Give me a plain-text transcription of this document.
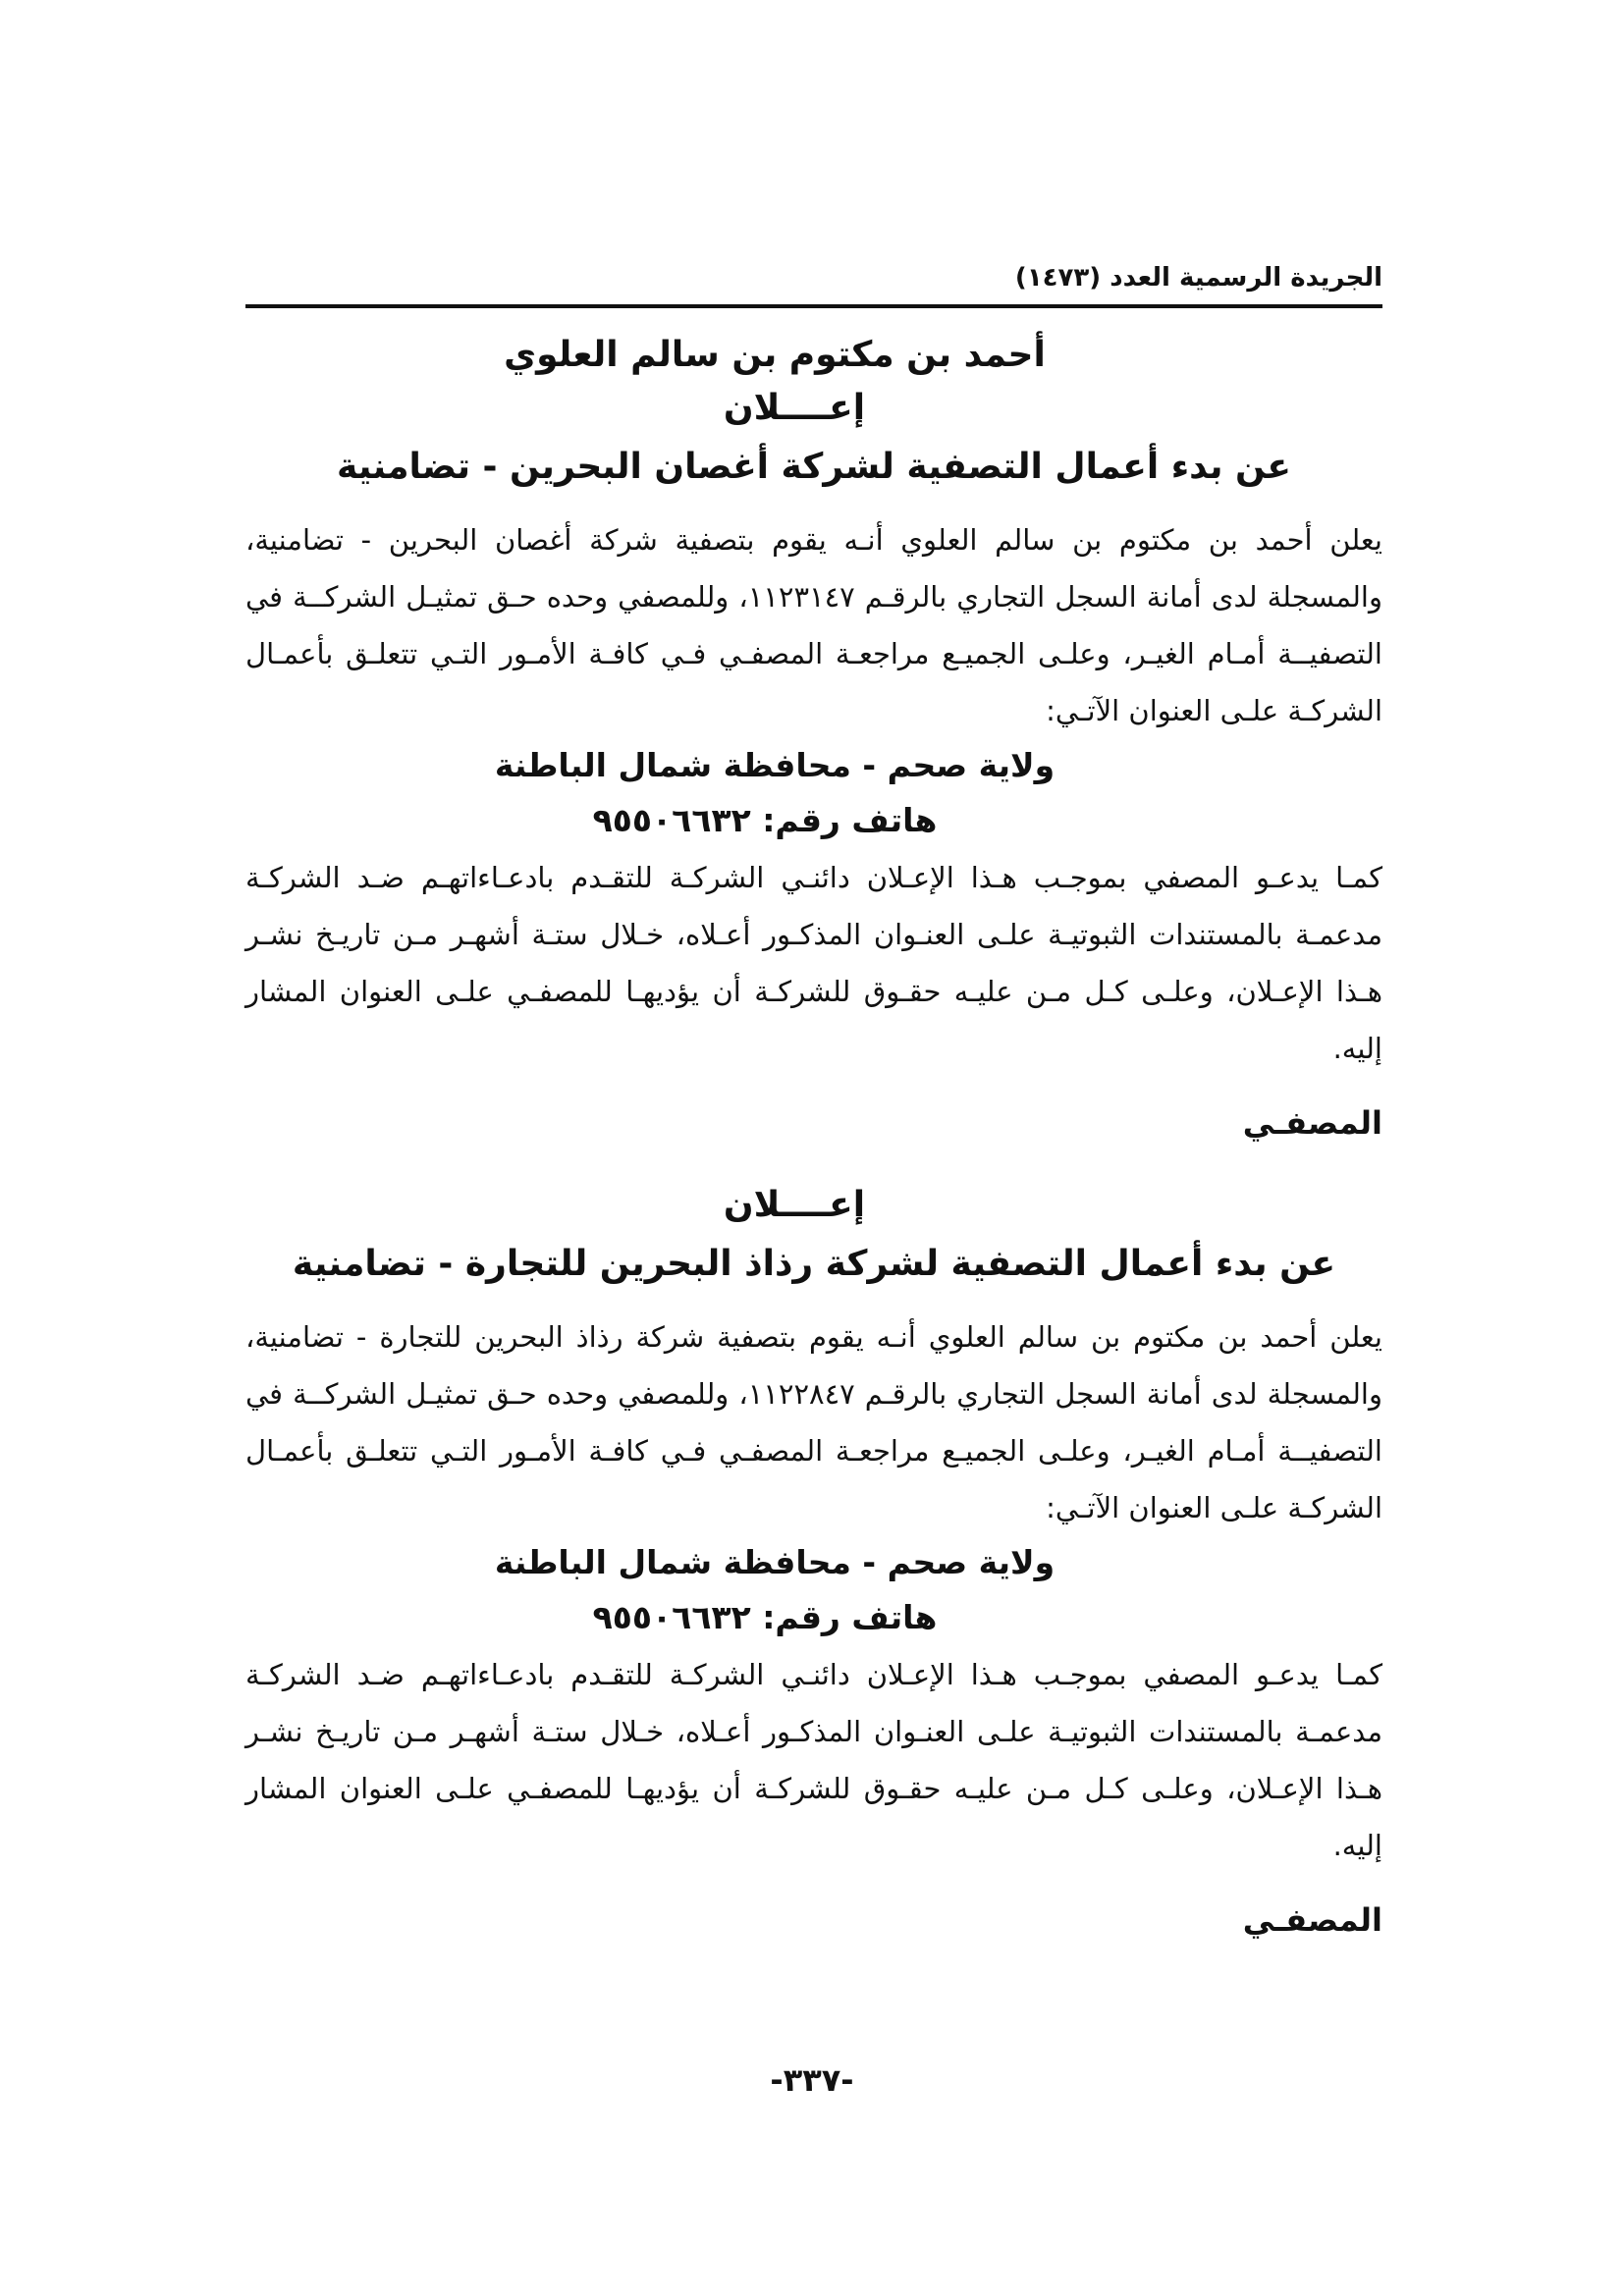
الجريدة الرسمية العدد (١٤٧٣)
أحمد بن مكتوم بن سالم العلوي
إعــــلان
عن بدء أعمال التصفية لشركة أغصان البحرين - تضامنية

يعلن أحمد بن مكتوم بن سالم العلوي أنـه يقوم بتصفية شركة أغصان البحرين - تضامنية، والمسجلة لدى أمانة السجل التجاري بالرقـم ١١٢٣١٤٧، وللمصفي وحده حـق تمثيـل الشركــة في التصفيــة أمـام الغيـر، وعلـى الجميـع مراجعـة المصفـي فـي كافـة الأمـور التـي تتعلـق بأعمـال الشركـة علـى العنوان الآتـي:

ولاية صحم - محافظة شمال الباطنة
هاتف رقم: ٩٥٥٠٦٦٣٢

كمـا يدعـو المصفي بموجـب هـذا الإعـلان دائنـي الشركـة للتقـدم بادعـاءاتهـم ضـد الشركـة مدعمـة بالمستندات الثبوتيـة علـى العنـوان المذكـور أعـلاه، خـلال ستـة أشهـر مـن تاريـخ نشـر هـذا الإعـلان، وعلـى كـل مـن عليـه حقـوق للشركـة أن يؤديهـا للمصفـي علـى العنوان المشار إليه.

المصفـي
إعــــلان
عن بدء أعمال التصفية لشركة رذاذ البحرين للتجارة - تضامنية

يعلن أحمد بن مكتوم بن سالم العلوي أنـه يقوم بتصفية شركة رذاذ البحرين للتجارة - تضامنية، والمسجلة لدى أمانة السجل التجاري بالرقـم ١١٢٢٨٤٧، وللمصفي وحده حـق تمثيـل الشركــة في التصفيــة أمـام الغيـر، وعلـى الجميـع مراجعـة المصفـي فـي كافـة الأمـور التـي تتعلـق بأعمـال الشركـة علـى العنوان الآتـي:

ولاية صحم - محافظة شمال الباطنة
هاتف رقم: ٩٥٥٠٦٦٣٢

كمـا يدعـو المصفي بموجـب هـذا الإعـلان دائنـي الشركـة للتقـدم بادعـاءاتهـم ضـد الشركـة مدعمـة بالمستندات الثبوتيـة علـى العنـوان المذكـور أعـلاه، خـلال ستـة أشهـر مـن تاريـخ نشـر هـذا الإعـلان، وعلـى كـل مـن عليـه حقـوق للشركـة أن يؤديهـا للمصفـي علـى العنوان المشار إليه.

المصفـي
-٣٣٧-
